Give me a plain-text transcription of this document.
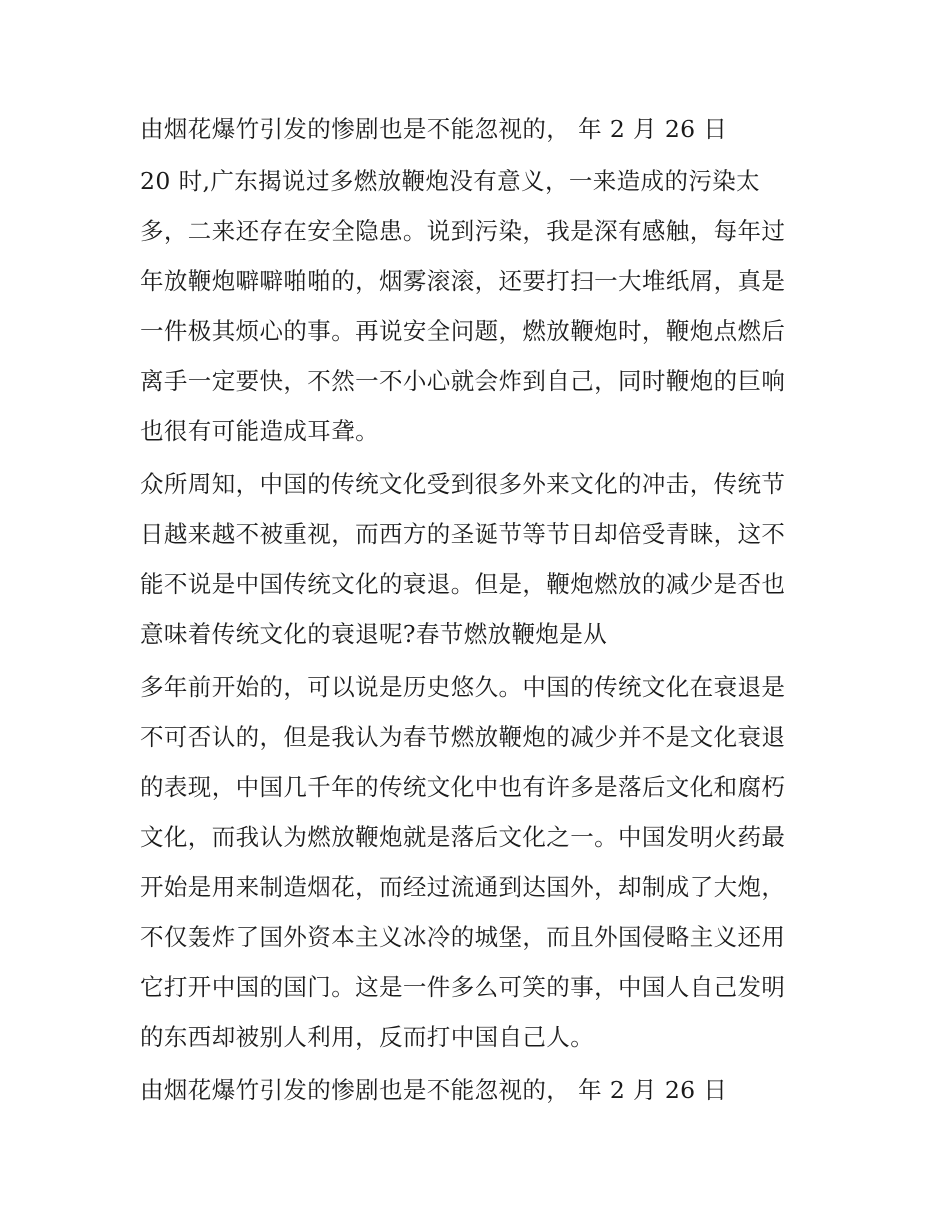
由烟花爆竹引发的惨剧也是不能忽视的， 年 2 月 26 日
20 时,广东揭说过多燃放鞭炮没有意义，一来造成的污染太
多，二来还存在安全隐患。说到污染，我是深有感触，每年过
年放鞭炮噼噼啪啪的，烟雾滚滚，还要打扫一大堆纸屑，真是
一件极其烦心的事。再说安全问题，燃放鞭炮时，鞭炮点燃后
离手一定要快，不然一不小心就会炸到自己，同时鞭炮的巨响
也很有可能造成耳聋。
众所周知，中国的传统文化受到很多外来文化的冲击，传统节
日越来越不被重视，而西方的圣诞节等节日却倍受青睐，这不
能不说是中国传统文化的衰退。但是，鞭炮燃放的减少是否也
意味着传统文化的衰退呢?春节燃放鞭炮是从
多年前开始的，可以说是历史悠久。中国的传统文化在衰退是
不可否认的，但是我认为春节燃放鞭炮的减少并不是文化衰退
的表现，中国几千年的传统文化中也有许多是落后文化和腐朽
文化，而我认为燃放鞭炮就是落后文化之一。中国发明火药最
开始是用来制造烟花，而经过流通到达国外，却制成了大炮，
不仅轰炸了国外资本主义冰冷的城堡，而且外国侵略主义还用
它打开中国的国门。这是一件多么可笑的事，中国人自己发明
的东西却被别人利用，反而打中国自己人。
由烟花爆竹引发的惨剧也是不能忽视的， 年 2 月 26 日
